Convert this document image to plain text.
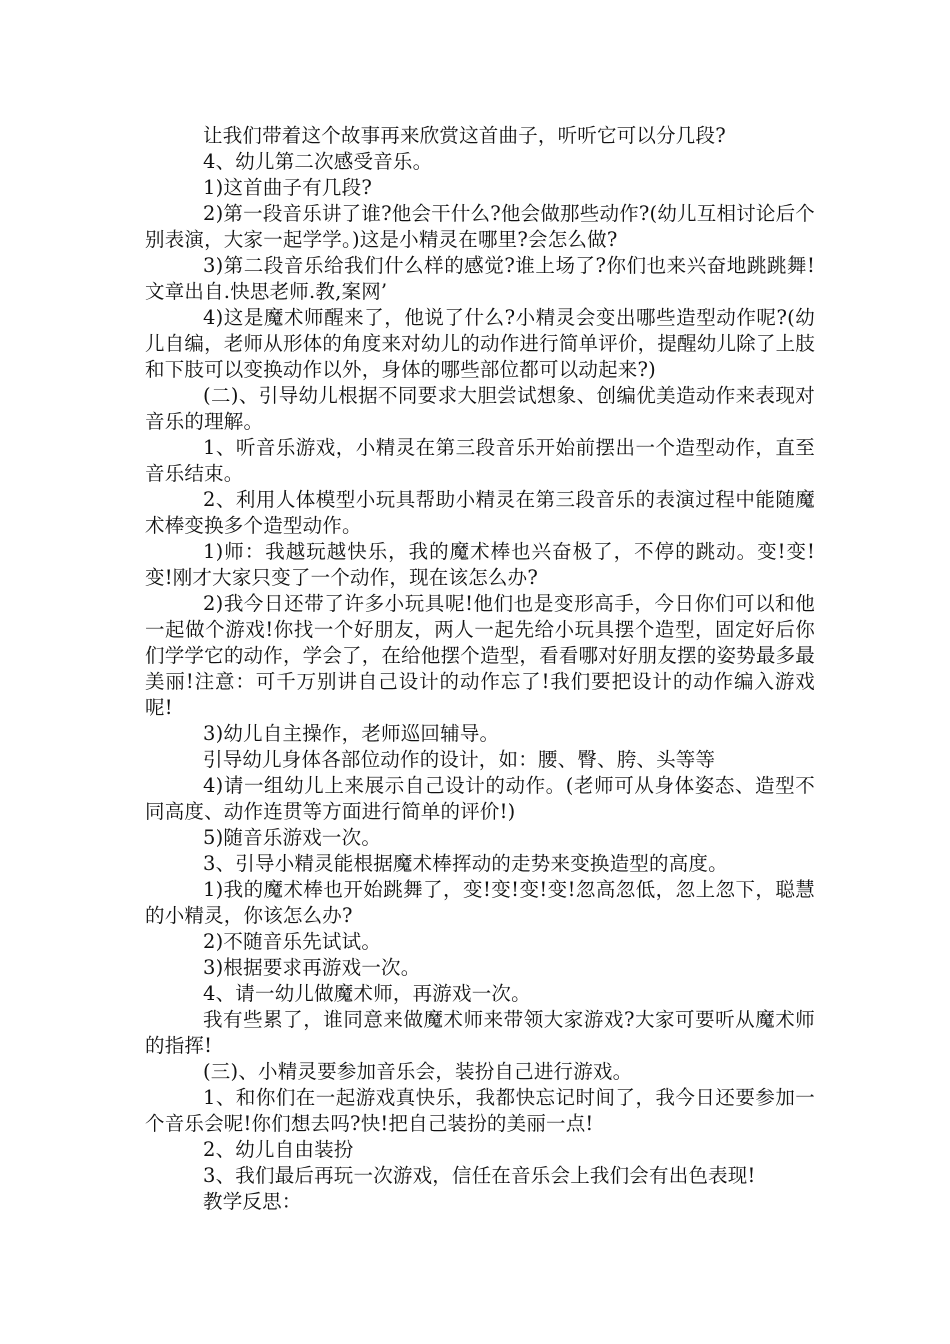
让我们带着这个故事再来欣赏这首曲子，听听它可以分几段?

4、幼儿第二次感受音乐。

1)这首曲子有几段?

2)第一段音乐讲了谁?他会干什么?他会做那些动作?(幼儿互相讨论后个别表演，大家一起学学。)这是小精灵在哪里?会怎么做?

3)第二段音乐给我们什么样的感觉?谁上场了?你们也来兴奋地跳跳舞!文章出自.快思老师.教,案网’

4)这是魔术师醒来了，他说了什么?小精灵会变出哪些造型动作呢?(幼儿自编，老师从形体的角度来对幼儿的动作进行简单评价，提醒幼儿除了上肢和下肢可以变换动作以外，身体的哪些部位都可以动起来?)

(二)、引导幼儿根据不同要求大胆尝试想象、创编优美造动作来表现对音乐的理解。

1、听音乐游戏，小精灵在第三段音乐开始前摆出一个造型动作，直至音乐结束。

2、利用人体模型小玩具帮助小精灵在第三段音乐的表演过程中能随魔术棒变换多个造型动作。

1)师：我越玩越快乐，我的魔术棒也兴奋极了，不停的跳动。变!变!变!刚才大家只变了一个动作，现在该怎么办?

2)我今日还带了许多小玩具呢!他们也是变形高手，今日你们可以和他一起做个游戏!你找一个好朋友，两人一起先给小玩具摆个造型，固定好后你们学学它的动作，学会了，在给他摆个造型，看看哪对好朋友摆的姿势最多最美丽!注意：可千万别讲自己设计的动作忘了!我们要把设计的动作编入游戏呢!

3)幼儿自主操作，老师巡回辅导。

引导幼儿身体各部位动作的设计，如：腰、臀、胯、头等等

4)请一组幼儿上来展示自己设计的动作。(老师可从身体姿态、造型不同高度、动作连贯等方面进行简单的评价!)

5)随音乐游戏一次。

3、引导小精灵能根据魔术棒挥动的走势来变换造型的高度。

1)我的魔术棒也开始跳舞了，变!变!变!变!忽高忽低，忽上忽下，聪慧的小精灵，你该怎么办?

2)不随音乐先试试。

3)根据要求再游戏一次。

4、请一幼儿做魔术师，再游戏一次。

我有些累了，谁同意来做魔术师来带领大家游戏?大家可要听从魔术师的指挥!

(三)、小精灵要参加音乐会，装扮自己进行游戏。

1、和你们在一起游戏真快乐，我都快忘记时间了，我今日还要参加一个音乐会呢!你们想去吗?快!把自己装扮的美丽一点!

2、幼儿自由装扮

3、我们最后再玩一次游戏，信任在音乐会上我们会有出色表现!

教学反思：
